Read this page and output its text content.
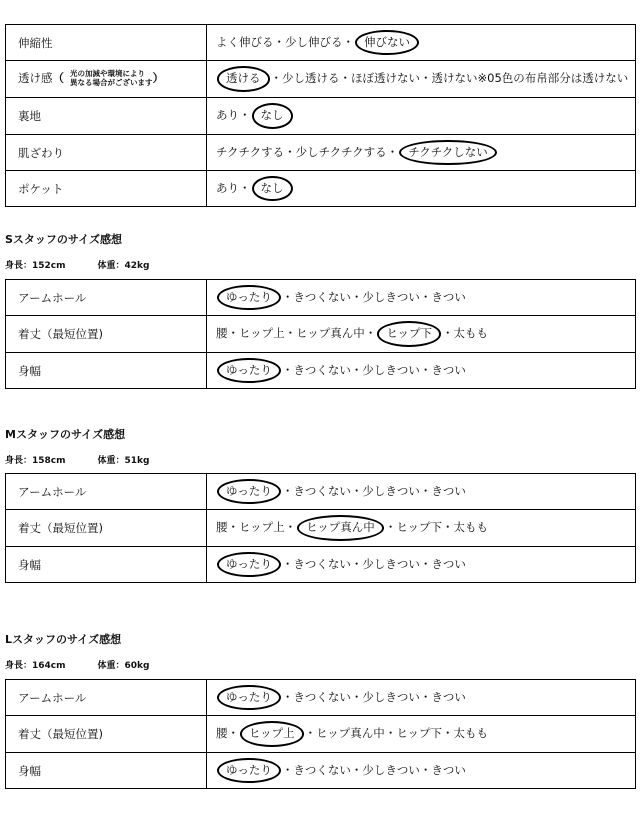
伸縮性	よく伸びる・少し伸びる・ 伸びない
透け感（ 光の加減や環境により
異なる場合がございます）	透ける ・少し透ける・ほぼ透けない・透けない※05色の布帛部分は透けない
裏地	あり・ なし
肌ざわり	チクチクする・少しチクチクする・ チクチクしない
ポケット	あり・ なし
Sスタッフのサイズ感想
身長：152cm	体重：42kg
アームホール	ゆったり ・きつくない・少しきつい・きつい
着丈（最短位置)	腰・ヒップ上・ヒップ真ん中・ ヒップ下 ・太もも
身幅	ゆったり ・きつくない・少しきつい・きつい
Mスタッフのサイズ感想
身長：158cm	体重：51kg
アームホール	ゆったり ・きつくない・少しきつい・きつい
着丈（最短位置)	腰・ヒップ上・ ヒップ真ん中 ・ヒップ下・太もも
身幅	ゆったり ・きつくない・少しきつい・きつい
Lスタッフのサイズ感想
身長：164cm	体重：60kg
アームホール	ゆったり ・きつくない・少しきつい・きつい
着丈（最短位置)	腰・ ヒップ上 ・ヒップ真ん中・ヒップ下・太もも
身幅	ゆったり ・きつくない・少しきつい・きつい
